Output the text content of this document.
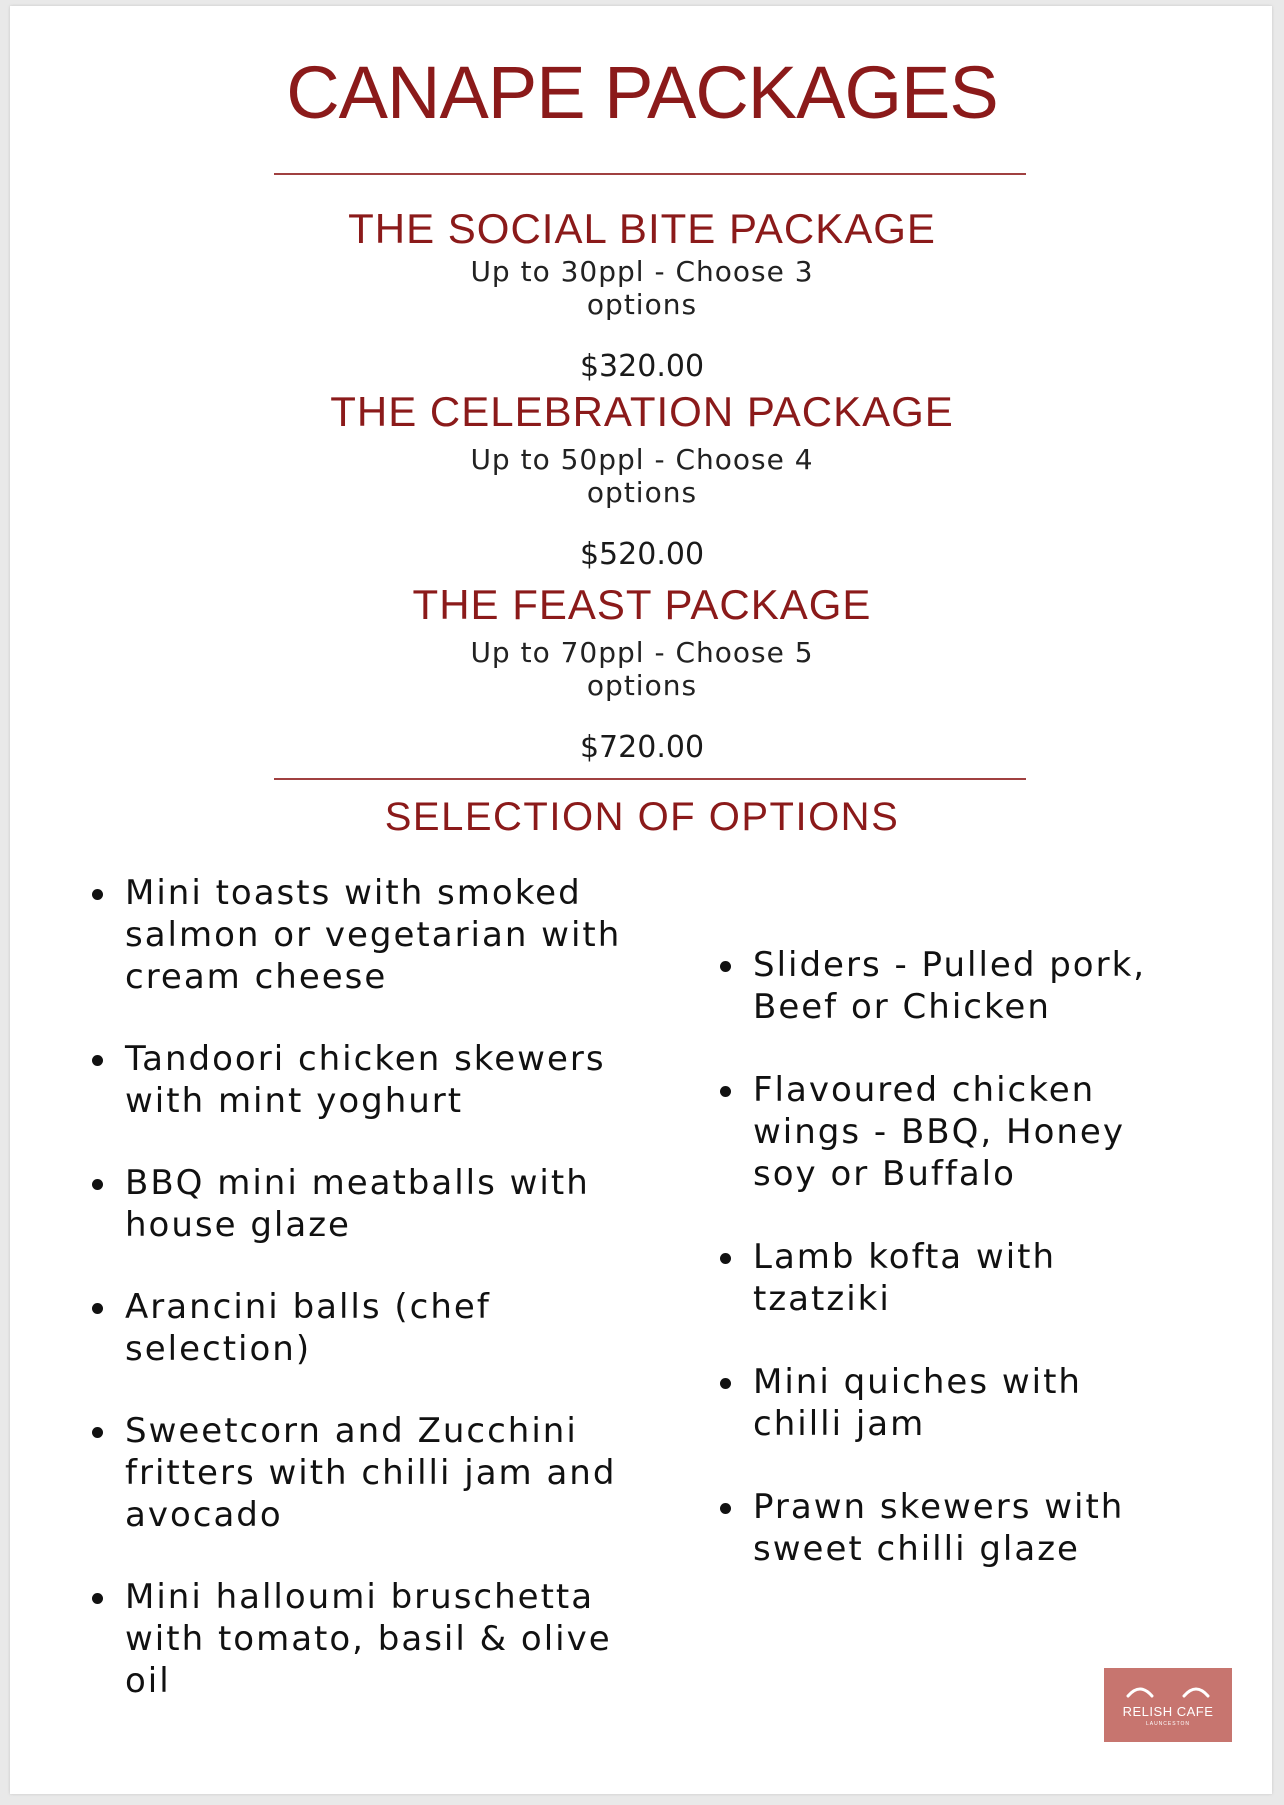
CANAPE PACKAGES
THE SOCIAL BITE PACKAGE
Up to 30ppl - Choose 3
options
$320.00
THE CELEBRATION PACKAGE
Up to 50ppl - Choose 4
options
$520.00
THE FEAST PACKAGE
Up to 70ppl - Choose 5
options
$720.00
SELECTION OF OPTIONS
Mini toasts with smoked salmon or vegetarian with cream cheese
Tandoori chicken skewers with mint yoghurt
BBQ mini meatballs with house glaze
Arancini balls (chef selection)
Sweetcorn and Zucchini fritters with chilli jam and avocado
Mini halloumi bruschetta with tomato, basil & olive oil
Sliders - Pulled pork, Beef or Chicken
Flavoured chicken wings - BBQ, Honey soy or Buffalo
Lamb kofta with tzatziki
Mini quiches with chilli jam
Prawn skewers with sweet chilli glaze
RELISH CAFE
LAUNCESTON
